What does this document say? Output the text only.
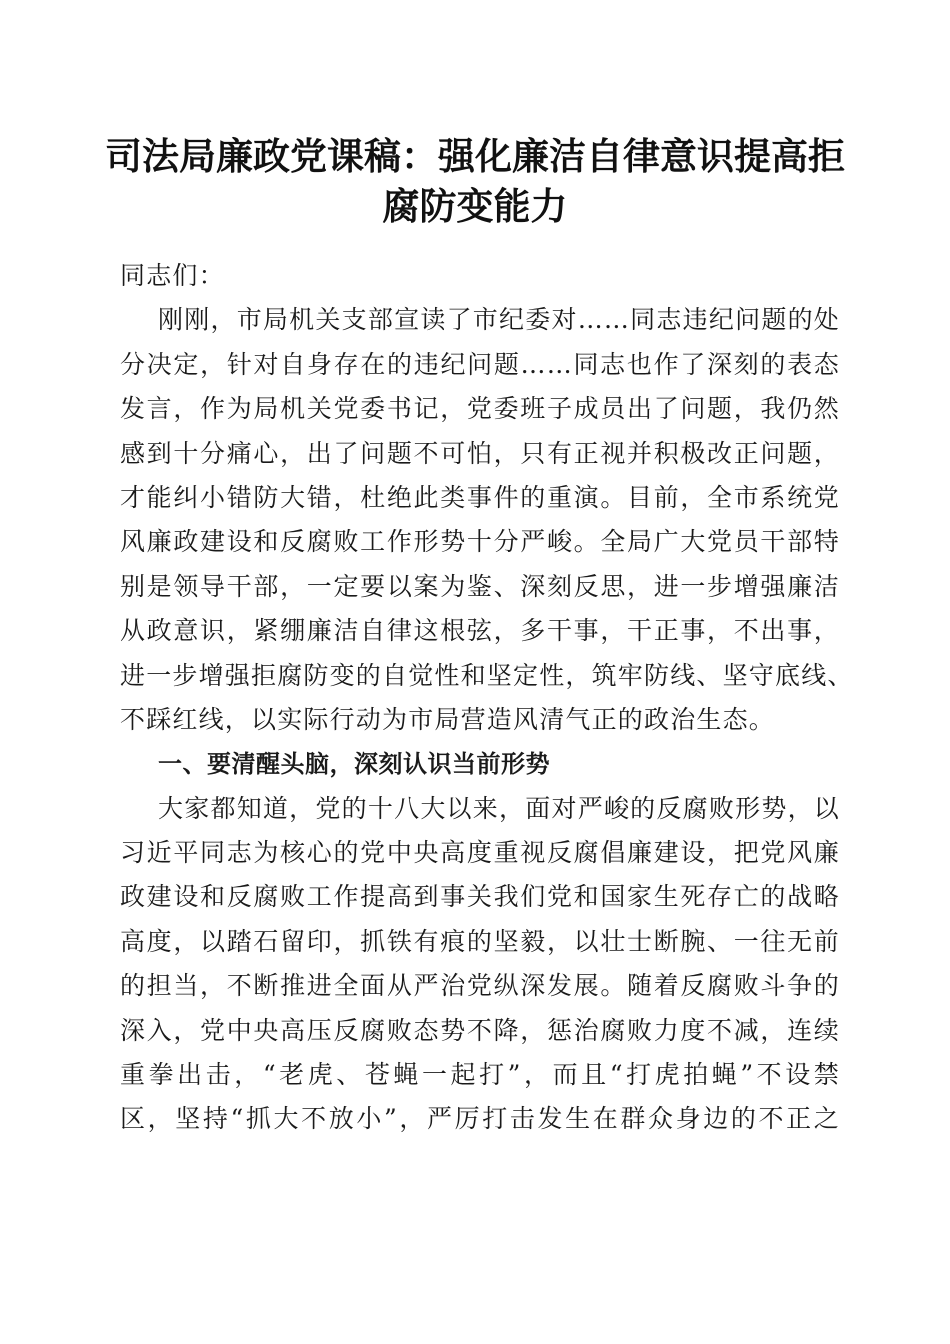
司法局廉政党课稿：强化廉洁自律意识提高拒
腐防变能力
同志们：
刚刚，市局机关支部宣读了市纪委对……同志违纪问题的处
分决定，针对自身存在的违纪问题……同志也作了深刻的表态
发言，作为局机关党委书记，党委班子成员出了问题，我仍然
感到十分痛心，出了问题不可怕，只有正视并积极改正问题，
才能纠小错防大错，杜绝此类事件的重演。目前，全市系统党
风廉政建设和反腐败工作形势十分严峻。全局广大党员干部特
别是领导干部，一定要以案为鉴、深刻反思，进一步增强廉洁
从政意识，紧绷廉洁自律这根弦，多干事，干正事，不出事，
进一步增强拒腐防变的自觉性和坚定性，筑牢防线、坚守底线、
不踩红线，以实际行动为市局营造风清气正的政治生态。
一、要清醒头脑，深刻认识当前形势
大家都知道，党的十八大以来，面对严峻的反腐败形势，以
习近平同志为核心的党中央高度重视反腐倡廉建设，把党风廉
政建设和反腐败工作提高到事关我们党和国家生死存亡的战略
高度，以踏石留印，抓铁有痕的坚毅，以壮士断腕、一往无前
的担当，不断推进全面从严治党纵深发展。随着反腐败斗争的
深入，党中央高压反腐败态势不降，惩治腐败力度不减，连续
重拳出击，“老虎、苍蝇一起打”，而且“打虎拍蝇”不设禁
区，坚持“抓大不放小”，严厉打击发生在群众身边的不正之
